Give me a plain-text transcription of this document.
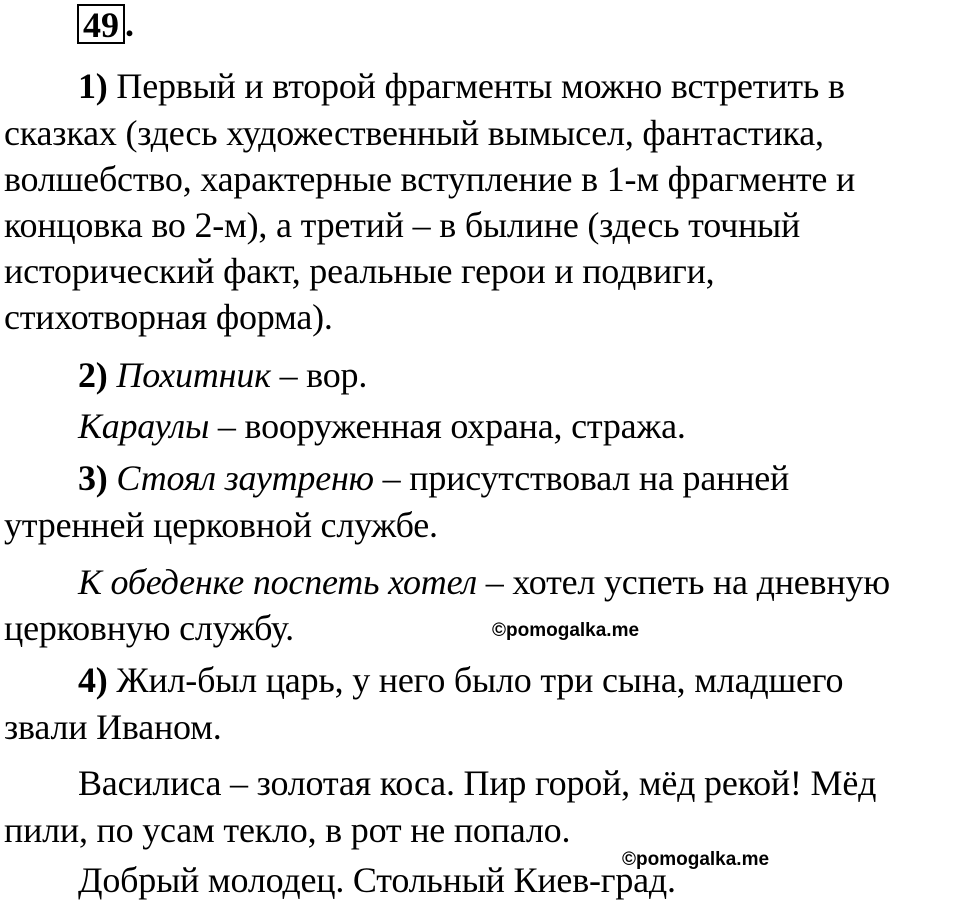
49 .
1) Первый и второй фрагменты можно встретить в
сказках (здесь художественный вымысел, фантастика,
волшебство, характерные вступление в 1-м фрагменте и
концовка во 2-м), а третий – в былине (здесь точный
исторический факт, реальные герои и подвиги,
стихотворная форма).
2) Похитник – вор.
Караулы – вооруженная охрана, стража.
3) Стоял заутреню – присутствовал на ранней
утренней церковной службе.
К обеденке поспеть хотел – хотел успеть на дневную
церковную службу.	©pomogalka.me
4) Жил-был царь, у него было три сына, младшего
звали Иваном.
Василиса – золотая коса. Пир горой, мёд рекой! Мёд
пили, по усам текло, в рот не попало.
©pomogalka.me
Добрый молодец. Стольный Киев-град.
